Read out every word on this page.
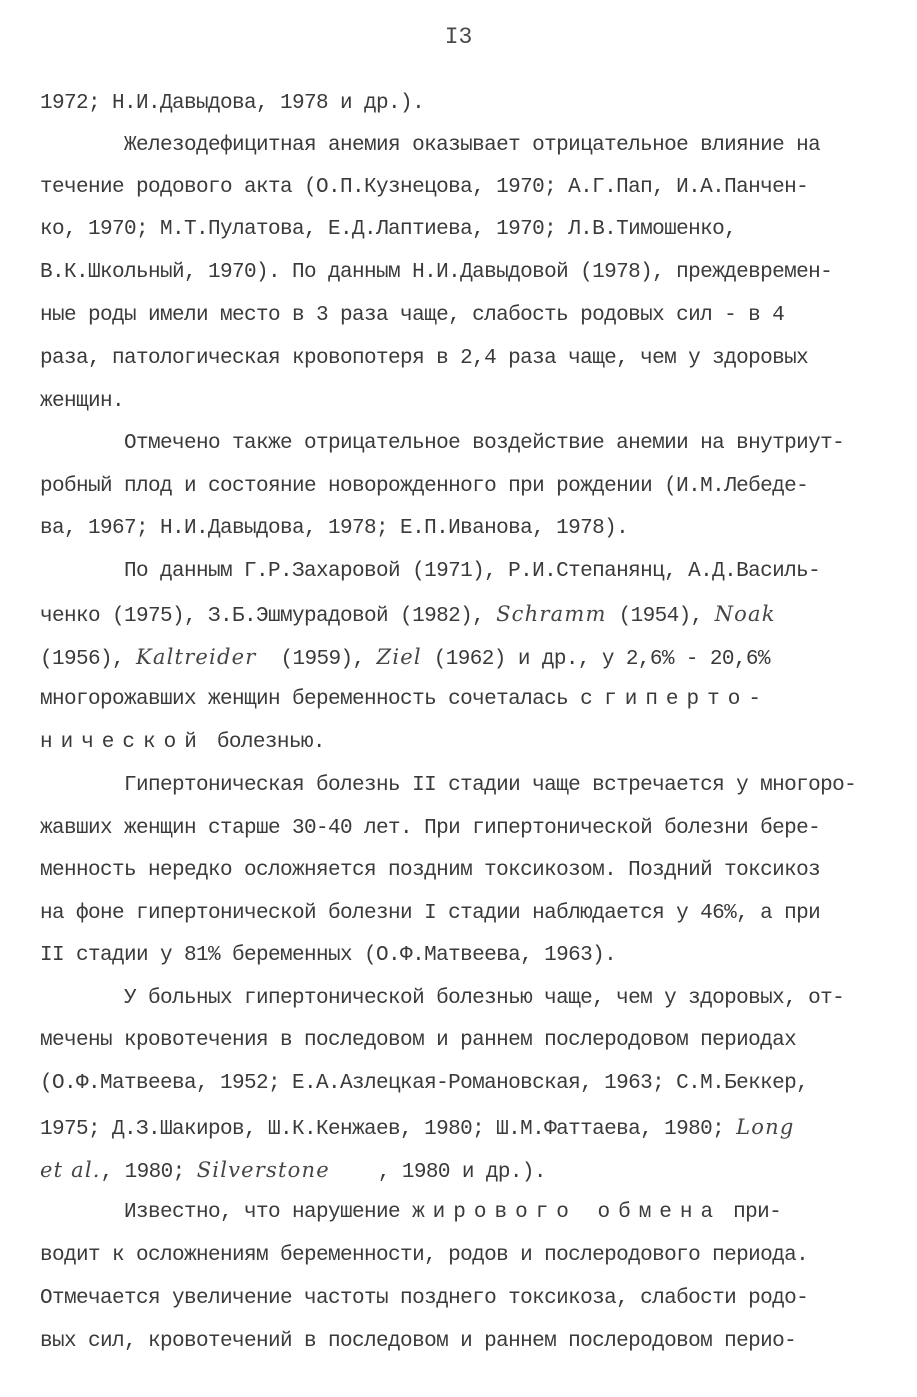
I3
1972; Н.И.Давыдова, 1978 и др.).
Железодефицитная анемия оказывает отрицательное влияние на
течение родового акта (О.П.Кузнецова, 1970; А.Г.Пап, И.А.Панчен-
ко, 1970; М.Т.Пулатова, Е.Д.Лаптиева, 1970; Л.В.Тимошенко,
В.К.Школьный, 1970). По данным Н.И.Давыдовой (1978), преждевремен-
ные роды имели место в 3 раза чаще, слабость родовых сил - в 4
раза, патологическая кровопотеря в 2,4 раза чаще, чем у здоровых
женщин.
Отмечено также отрицательное воздействие анемии на внутриут-
робный плод и состояние новорожденного при рождении (И.М.Лебеде-
ва, 1967; Н.И.Давыдова, 1978; Е.П.Иванова, 1978).
По данным Г.Р.Захаровой (1971), Р.И.Степанянц, А.Д.Василь-
ченко (1975), З.Б.Эшмурадовой (1982), Schramm (1954), Noak
(1956), Kaltreider  (1959), Ziel (1962) и др., у 2,6% - 20,6%
многорожавших женщин беременность сочеталась с гиперто-
нической болезнью.
Гипертоническая болезнь II стадии чаще встречается у многоро-
жавших женщин старше 30-40 лет. При гипертонической болезни бере-
менность нередко осложняется поздним токсикозом. Поздний токсикоз
на фоне гипертонической болезни I стадии наблюдается у 46%, а при
II стадии у 81% беременных (О.Ф.Матвеева, 1963).
У больных гипертонической болезнью чаще, чем у здоровых, от-
мечены кровотечения в последовом и раннем послеродовом периодах
(О.Ф.Матвеева, 1952; Е.А.Азлецкая-Романовская, 1963; С.М.Беккер,
1975; Д.З.Шакиров, Ш.К.Кенжаев, 1980; Ш.М.Фаттаева, 1980; Long
et al., 1980; Silverstone    , 1980 и др.).
Известно, что нарушение жирового обмена при-
водит к осложнениям беременности, родов и послеродового периода.
Отмечается увеличение частоты позднего токсикоза, слабости родо-
вых сил, кровотечений в последовом и раннем послеродовом перио-
